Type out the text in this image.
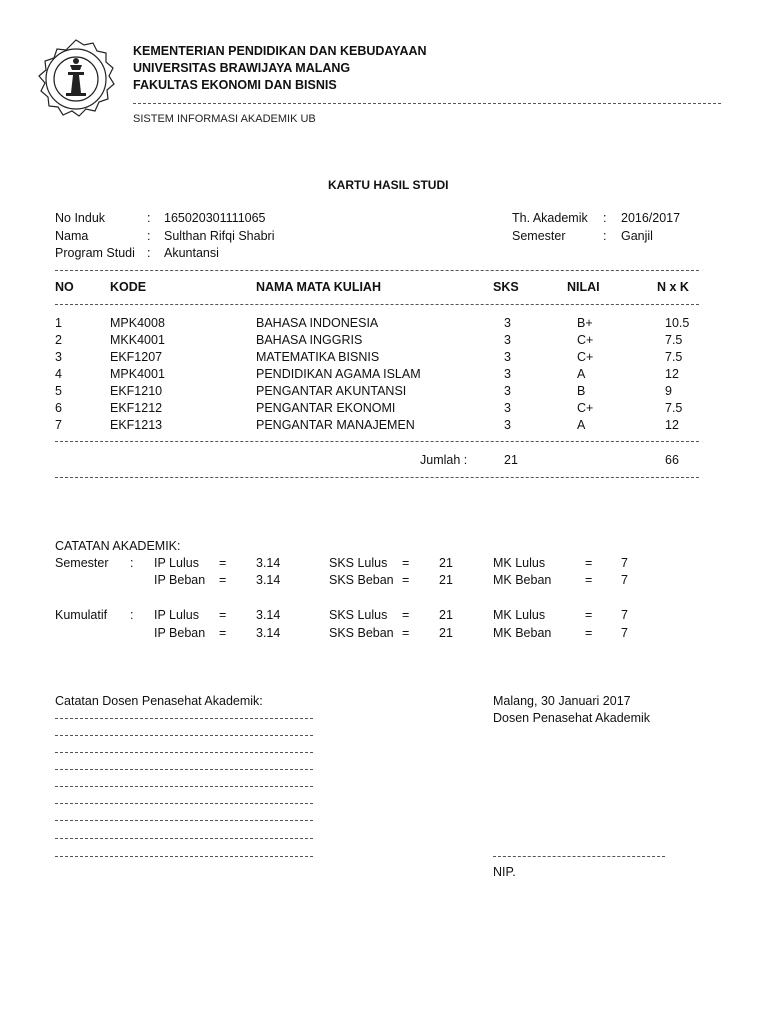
KEMENTERIAN PENDIDIKAN DAN KEBUDAYAAN
UNIVERSITAS BRAWIJAYA MALANG
FAKULTAS EKONOMI DAN BISNIS
SISTEM INFORMASI AKADEMIK UB
KARTU HASIL STUDI
No Induk	: 165020301111065
Nama	: Sulthan Rifqi Shabri
Program Studi : Akuntansi
Th. Akademik : 2016/2017
Semester	: Ganjil
NO	KODE	NAMA MATA KULIAH	SKS	NILAI	N x K
1	MPK4008	BAHASA INDONESIA	3	B+	10.5
2	MKK4001	BAHASA INGGRIS	3	C+	7.5
3	EKF1207	MATEMATIKA BISNIS	3	C+	7.5
4	MPK4001	PENDIDIKAN AGAMA ISLAM	3	A	12
5	EKF1210	PENGANTAR AKUNTANSI	3	B	9
6	EKF1212	PENGANTAR EKONOMI	3	C+	7.5
7	EKF1213	PENGANTAR MANAJEMEN	3	A	12
Jumlah :	21	66
CATATAN AKADEMIK:
Semester : IP Lulus = 3.14	SKS Lulus = 21	MK Lulus	= 7
IP Beban = 3.14	SKS Beban = 21	MK Beban	= 7
Kumulatif : IP Lulus = 3.14	SKS Lulus = 21	MK Lulus	= 7
IP Beban = 3.14	SKS Beban = 21	MK Beban	= 7
Catatan Dosen Penasehat Akademik:	Malang, 30 Januari 2017
Dosen Penasehat Akademik
NIP.
